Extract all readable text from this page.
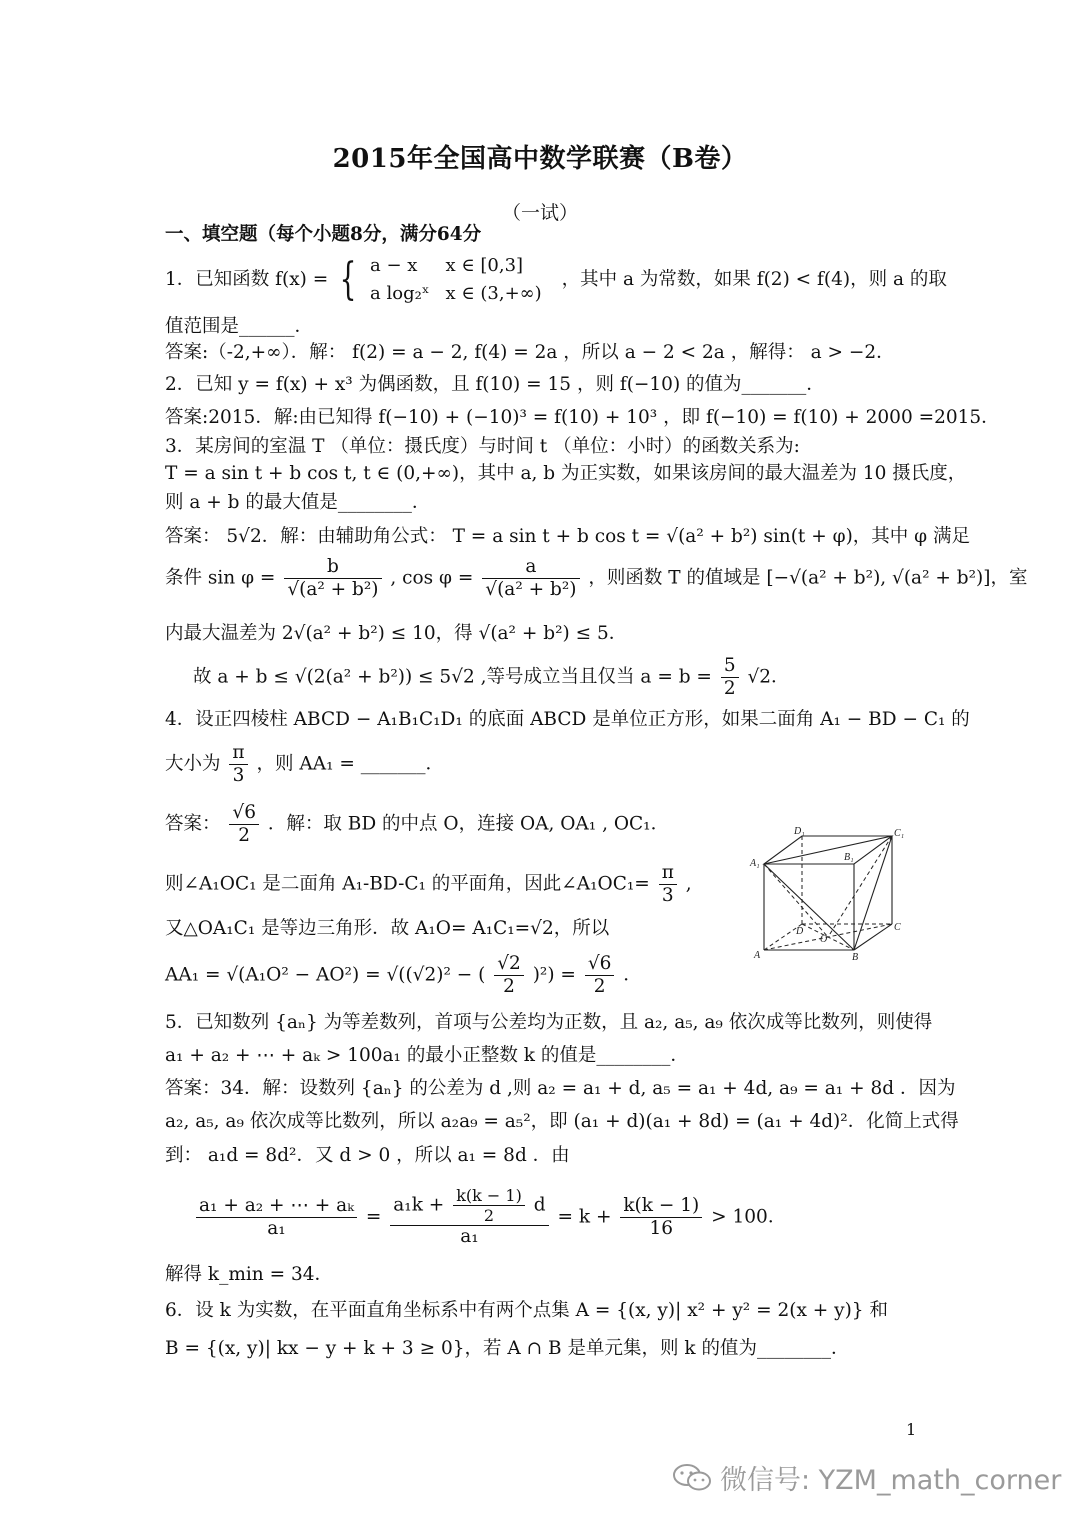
2015年全国高中数学联赛（B卷）
（一试）
一、填空题（每个小题8分，满分64分
1．已知函数 f(x) = { a − x	x ∈ [0,3]
a log₂ˣ	x ∈ (3,+∞) ，其中 a 为常数，如果 f(2) < f(4)，则 a 的取
值范围是______．
答案:（-2,+∞）．解： f(2) = a − 2, f(4) = 2a ，所以 a − 2 < 2a ，解得： a > −2．
2．已知 y = f(x) + x³ 为偶函数，且 f(10) = 15 ，则 f(−10) 的值为_______．
答案:2015．解:由已知得 f(−10) + (−10)³ = f(10) + 10³ ，即 f(−10) = f(10) + 2000 =2015．
3．某房间的室温 T （单位：摄氏度）与时间 t （单位：小时）的函数关系为:
T = a sin t + b cos t, t ∈ (0,+∞)，其中 a, b 为正实数，如果该房间的最大温差为 10 摄氏度，
则 a + b 的最大值是________．
答案： 5√2．解：由辅助角公式： T = a sin t + b cos t = √(a² + b²) sin(t + φ)，其中 φ 满足
条件 $\sin \varphi = \frac{b}{\text{√(a² + b²)}}$ , $\cos \varphi = \frac{a}{\text{√(a² + b²)}}$ ，则函数 T 的值域是 [−√(a² + b²), √(a² + b²)]，室
内最大温差为 2√(a² + b²) ≤ 10，得 √(a² + b²) ≤ 5．
故 a + b ≤ √(2(a² + b²)) ≤ 5√2 ,等号成立当且仅当 $a = b = \frac{5}{2} √2$．
4．设正四棱柱 ABCD − A₁B₁C₁D₁ 的底面 ABCD 是单位正方形，如果二面角 A₁ − BD − C₁ 的
大小为 $\frac{\pi}{3}$ ，则 AA₁ = _______．
答案： $\frac{√6}{2}$ ．解：取 BD 的中点 O，连接 OA, OA₁ , OC₁．
则∠A₁OC₁ 是二面角 A₁-BD-C₁ 的平面角，因此∠A₁OC₁= $\frac{\pi}{3}$ ,
又△OA₁C₁ 是等边三角形．故 A₁O= A₁C₁=√2，所以
AA₁ = √(A₁O² − AO²) = √((√2)² − ( $\frac{√2}{2} )^2) = \frac{√6}{2}$ ．
D₁	C₁
A₁
B₁
D	C
A	B
O
5．已知数列 {aₙ} 为等差数列，首项与公差均为正数，且 a₂, a₅, a₉ 依次成等比数列，则使得
a₁ + a₂ + ⋯ + aₖ > 100a₁ 的最小正整数 k 的值是________．
答案：34．解：设数列 {aₙ} 的公差为 d ,则 a₂ = a₁ + d, a₅ = a₁ + 4d, a₉ = a₁ + 8d ．因为
a₂, a₅, a₉ 依次成等比数列，所以 a₂a₉ = a₅²，即 (a₁ + d)(a₁ + 8d) = (a₁ + 4d)²．化简上式得
到： a₁d = 8d²．又 d > 0 ，所以 a₁ = 8d ．由
$\frac{\text{a₁ + a₂ + ⋯ + aₖ}}{\text{a₁}} = \frac{a_1k + \frac{k(k - 1)}{2} d}{\text{a₁}} = k + \frac{k(k - 1)}{16} > 100$．
解得 k_min = 34．
6．设 k 为实数，在平面直角坐标系中有两个点集 A = {(x, y)| x² + y² = 2(x + y)} 和
B = {(x, y)| kx − y + k + 3 ≥ 0}，若 A ∩ B 是单元集，则 k 的值为________．
1
微信号: YZM_math_corner
